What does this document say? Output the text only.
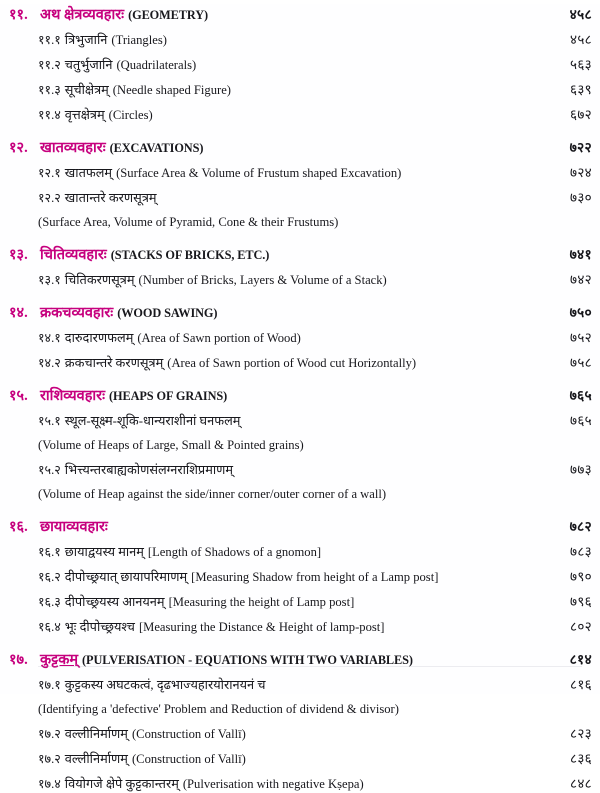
११. अथ क्षेत्रव्यवहारः (GEOMETRY)	४५८
११.१ त्रिभुजानि (Triangles)	४५८
११.२ चतुर्भुजानि (Quadrilaterals)	५६३
११.३ सूचीक्षेत्रम् (Needle shaped Figure)	६३९
११.४ वृत्तक्षेत्रम् (Circles)	६७२
१२. खातव्यवहारः (EXCAVATIONS)	७२२
१२.१ खातफलम् (Surface Area & Volume of Frustum shaped Excavation)	७२४
१२.२ खातान्तरे करणसूत्रम्	७३०
(Surface Area, Volume of Pyramid, Cone & their Frustums)
१३. चितिव्यवहारः (STACKS OF BRICKS, ETC.)	७४१
१३.१ चितिकरणसूत्रम् (Number of Bricks, Layers & Volume of a Stack)	७४२
१४. क्रकचव्यवहारः (WOOD SAWING)	७५०
१४.१ दारुदारणफलम् (Area of Sawn portion of Wood)	७५२
१४.२ क्रकचान्तरे करणसूत्रम् (Area of Sawn portion of Wood cut Horizontally)	७५८
१५. राशिव्यवहारः (HEAPS OF GRAINS)	७६५
१५.१ स्थूल-सूक्ष्म-शूकि-धान्यराशीनां घनफलम्	७६५
(Volume of Heaps of Large, Small & Pointed grains)
१५.२ भित्त्यन्तरबाह्यकोणसंलग्नराशिप्रमाणम्	७७३
(Volume of Heap against the side/inner corner/outer corner of a wall)
१६. छायाव्यवहारः	७८२
१६.१ छायाद्वयस्य मानम् [Length of Shadows of a gnomon]	७८३
१६.२ दीपोच्छ्रयात् छायापरिमाणम् [Measuring Shadow from height of a Lamp post]	७९०
१६.३ दीपोच्छ्रयस्य आनयनम् [Measuring the height of Lamp post]	७९६
१६.४ भूः दीपोच्छ्रयश्च [Measuring the Distance & Height of lamp-post]	८०२
१७. कुट्टकम् (PULVERISATION - EQUATIONS WITH TWO VARIABLES)	८१४
१७.१ कुट्टकस्य अघटकत्वं, दृढभाज्यहारयोरानयनं च	८१६
(Identifying a 'defective' Problem and Reduction of dividend & divisor)
१७.२ वल्लीनिर्माणम् (Construction of Vallī)	८२३
१७.२ वल्लीनिर्माणम् (Construction of Vallī)	८३६
१७.४ वियोगजे क्षेपे कुट्टकान्तरम् (Pulverisation with negative Kṣepa)	८४८
